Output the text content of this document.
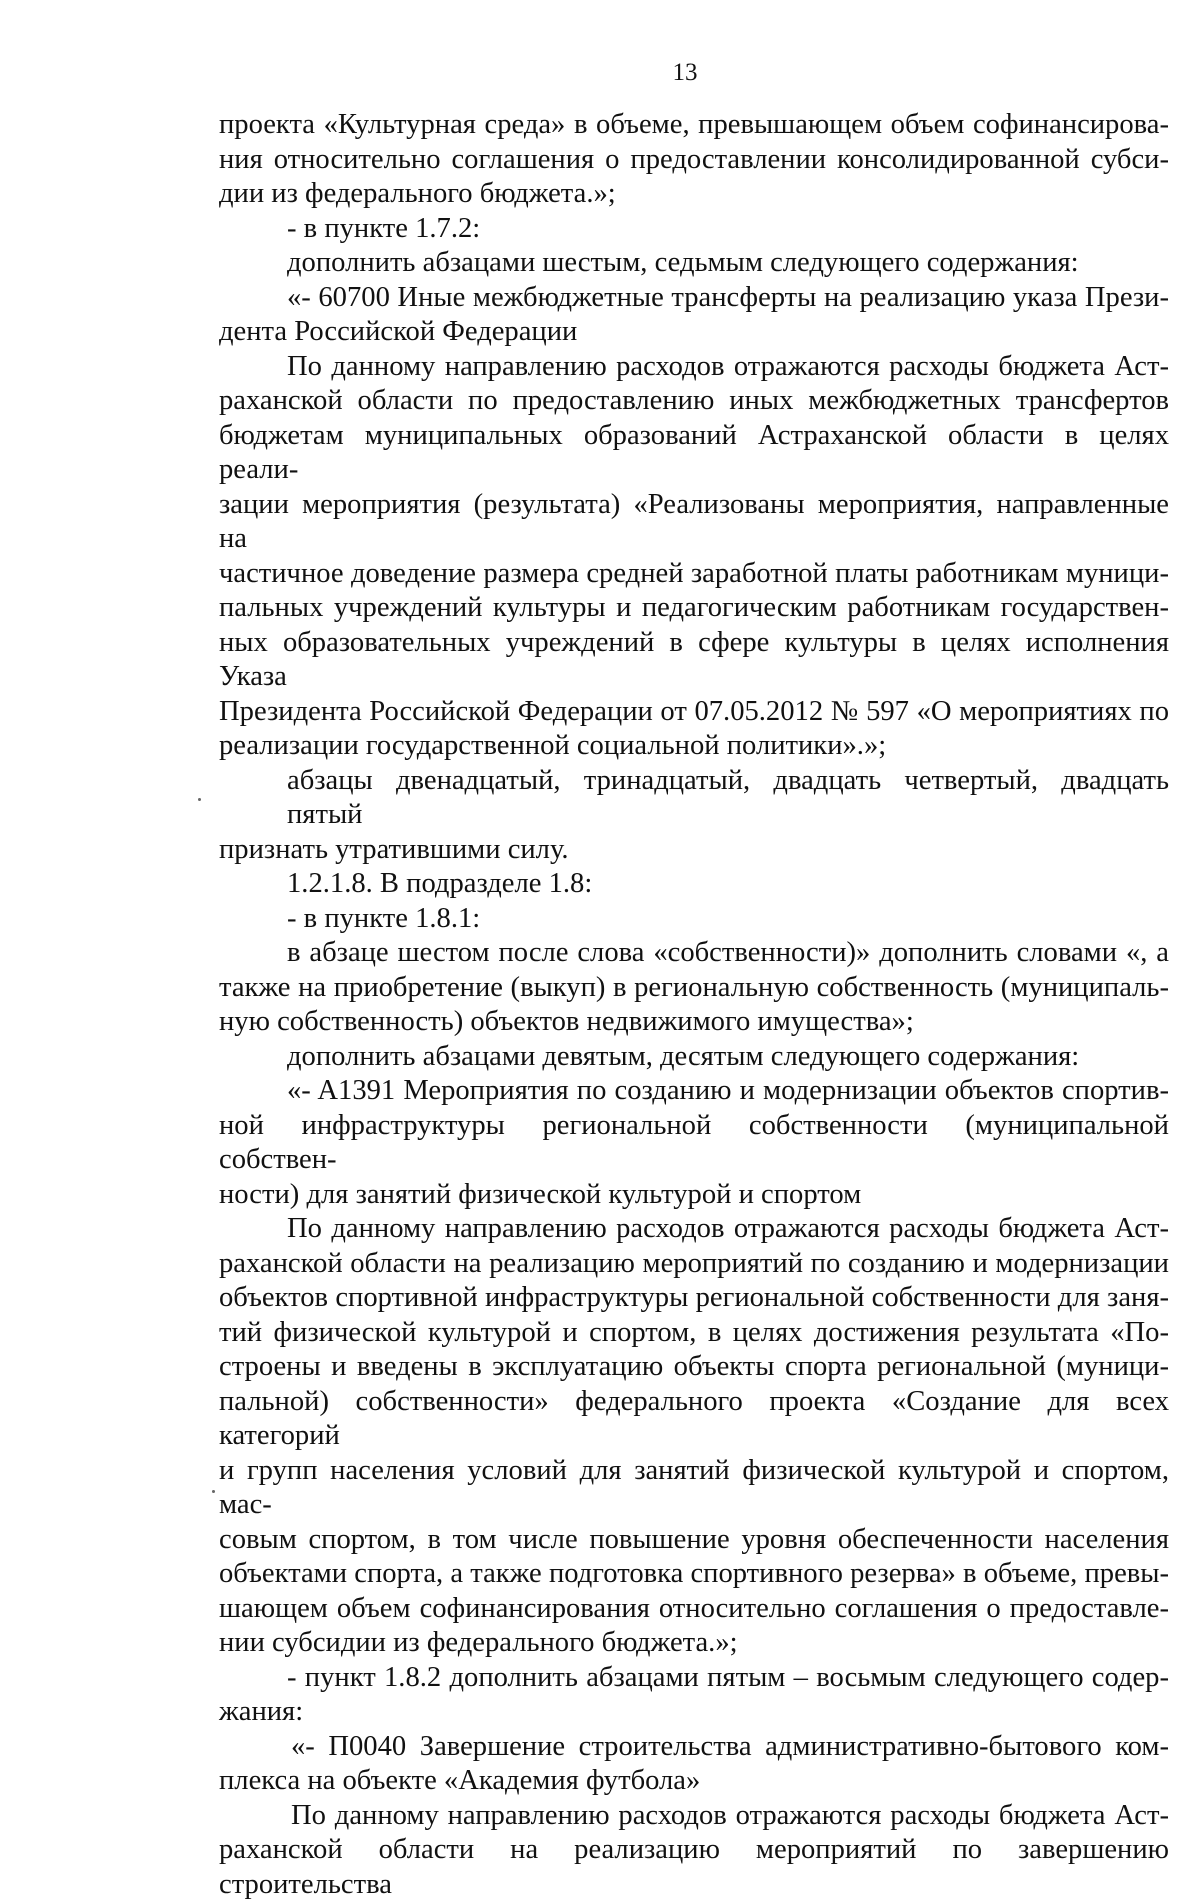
13
проекта «Культурная среда» в объеме, превышающем объем софинансирова-
ния относительно соглашения о предоставлении консолидированной субси-
дии из федерального бюджета.»;
- в пункте 1.7.2:
дополнить абзацами шестым, седьмым следующего содержания:
«- 60700 Иные межбюджетные трансферты на реализацию указа Прези-
дента Российской Федерации
По данному направлению расходов отражаются расходы бюджета Аст-
раханской области по предоставлению иных межбюджетных трансфертов
бюджетам муниципальных образований Астраханской области в целях реали-
зации мероприятия (результата) «Реализованы мероприятия, направленные на
частичное доведение размера средней заработной платы работникам муници-
пальных учреждений культуры и педагогическим работникам государствен-
ных образовательных учреждений в сфере культуры в целях исполнения Указа
Президента Российской Федерации от 07.05.2012 № 597 «О мероприятиях по
реализации государственной социальной политики».»;
абзацы двенадцатый, тринадцатый, двадцать четвертый, двадцать пятый
признать утратившими силу.
1.2.1.8. В подразделе 1.8:
- в пункте 1.8.1:
в абзаце шестом после слова «собственности)» дополнить словами «, а
также на приобретение (выкуп) в региональную собственность (муниципаль-
ную собственность) объектов недвижимого имущества»;
дополнить абзацами девятым, десятым следующего содержания:
«- A1391 Мероприятия по созданию и модернизации объектов спортив-
ной инфраструктуры региональной собственности (муниципальной собствен-
ности) для занятий физической культурой и спортом
По данному направлению расходов отражаются расходы бюджета Аст-
раханской области на реализацию мероприятий по созданию и модернизации
объектов спортивной инфраструктуры региональной собственности для заня-
тий физической культурой и спортом, в целях достижения результата «По-
строены и введены в эксплуатацию объекты спорта региональной (муници-
пальной) собственности» федерального проекта «Создание для всех категорий
и групп населения условий для занятий физической культурой и спортом, мас-
совым спортом, в том числе повышение уровня обеспеченности населения
объектами спорта, а также подготовка спортивного резерва» в объеме, превы-
шающем объем софинансирования относительно соглашения о предоставле-
нии субсидии из федерального бюджета.»;
- пункт 1.8.2 дополнить абзацами пятым – восьмым следующего содер-
жания:
«- П0040 Завершение строительства административно-бытового ком-
плекса на объекте «Академия футбола»
По данному направлению расходов отражаются расходы бюджета Аст-
раханской области на реализацию мероприятий по завершению строительства
